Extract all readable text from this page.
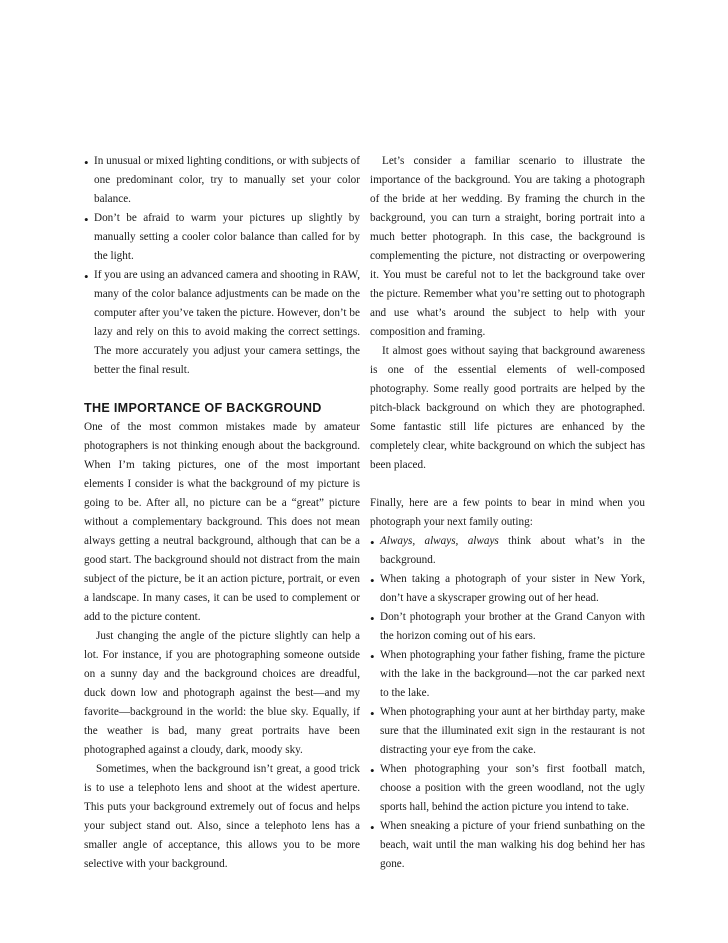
• In unusual or mixed lighting conditions, or with subjects of one predominant color, try to manually set your color balance.
• Don’t be afraid to warm your pictures up slightly by manually setting a cooler color balance than called for by the light.
• If you are using an advanced camera and shooting in RAW, many of the color balance adjustments can be made on the computer after you’ve taken the picture. However, don’t be lazy and rely on this to avoid making the correct settings. The more accurately you adjust your camera settings, the better the final result.
THE IMPORTANCE OF BACKGROUND

One of the most common mistakes made by amateur photographers is not thinking enough about the background. When I’m taking pictures, one of the most important elements I consider is what the background of my picture is going to be. After all, no picture can be a “great” picture without a complementary background. This does not mean always getting a neutral background, although that can be a good start. The background should not distract from the main subject of the picture, be it an action picture, portrait, or even a landscape. In many cases, it can be used to complement or add to the picture content.

Just changing the angle of the picture slightly can help a lot. For instance, if you are photographing someone outside on a sunny day and the background choices are dreadful, duck down low and photograph against the best—and my favorite—background in the world: the blue sky. Equally, if the weather is bad, many great portraits have been photographed against a cloudy, dark, moody sky.

Sometimes, when the background isn’t great, a good trick is to use a telephoto lens and shoot at the widest aperture. This puts your background extremely out of focus and helps your subject stand out. Also, since a telephoto lens has a smaller angle of acceptance, this allows you to be more selective with your background.

Let’s consider a familiar scenario to illustrate the importance of the background. You are taking a photograph of the bride at her wedding. By framing the church in the background, you can turn a straight, boring portrait into a much better photograph. In this case, the background is complementing the picture, not distracting or overpowering it. You must be careful not to let the background take over the picture. Remember what you’re setting out to photograph and use what’s around the subject to help with your composition and framing.

It almost goes without saying that background awareness is one of the essential elements of well-composed photography. Some really good portraits are helped by the pitch-black background on which they are photographed. Some fantastic still life pictures are enhanced by the completely clear, white background on which the subject has been placed.

Finally, here are a few points to bear in mind when you photograph your next family outing:

• Always, always, always think about what’s in the background.
• When taking a photograph of your sister in New York, don’t have a skyscraper growing out of her head.
• Don’t photograph your brother at the Grand Canyon with the horizon coming out of his ears.
• When photographing your father fishing, frame the picture with the lake in the background—not the car parked next to the lake.
• When photographing your aunt at her birthday party, make sure that the illuminated exit sign in the restaurant is not distracting your eye from the cake.
• When photographing your son’s first football match, choose a position with the green woodland, not the ugly sports hall, behind the action picture you intend to take.
• When sneaking a picture of your friend sunbathing on the beach, wait until the man walking his dog behind her has gone.
